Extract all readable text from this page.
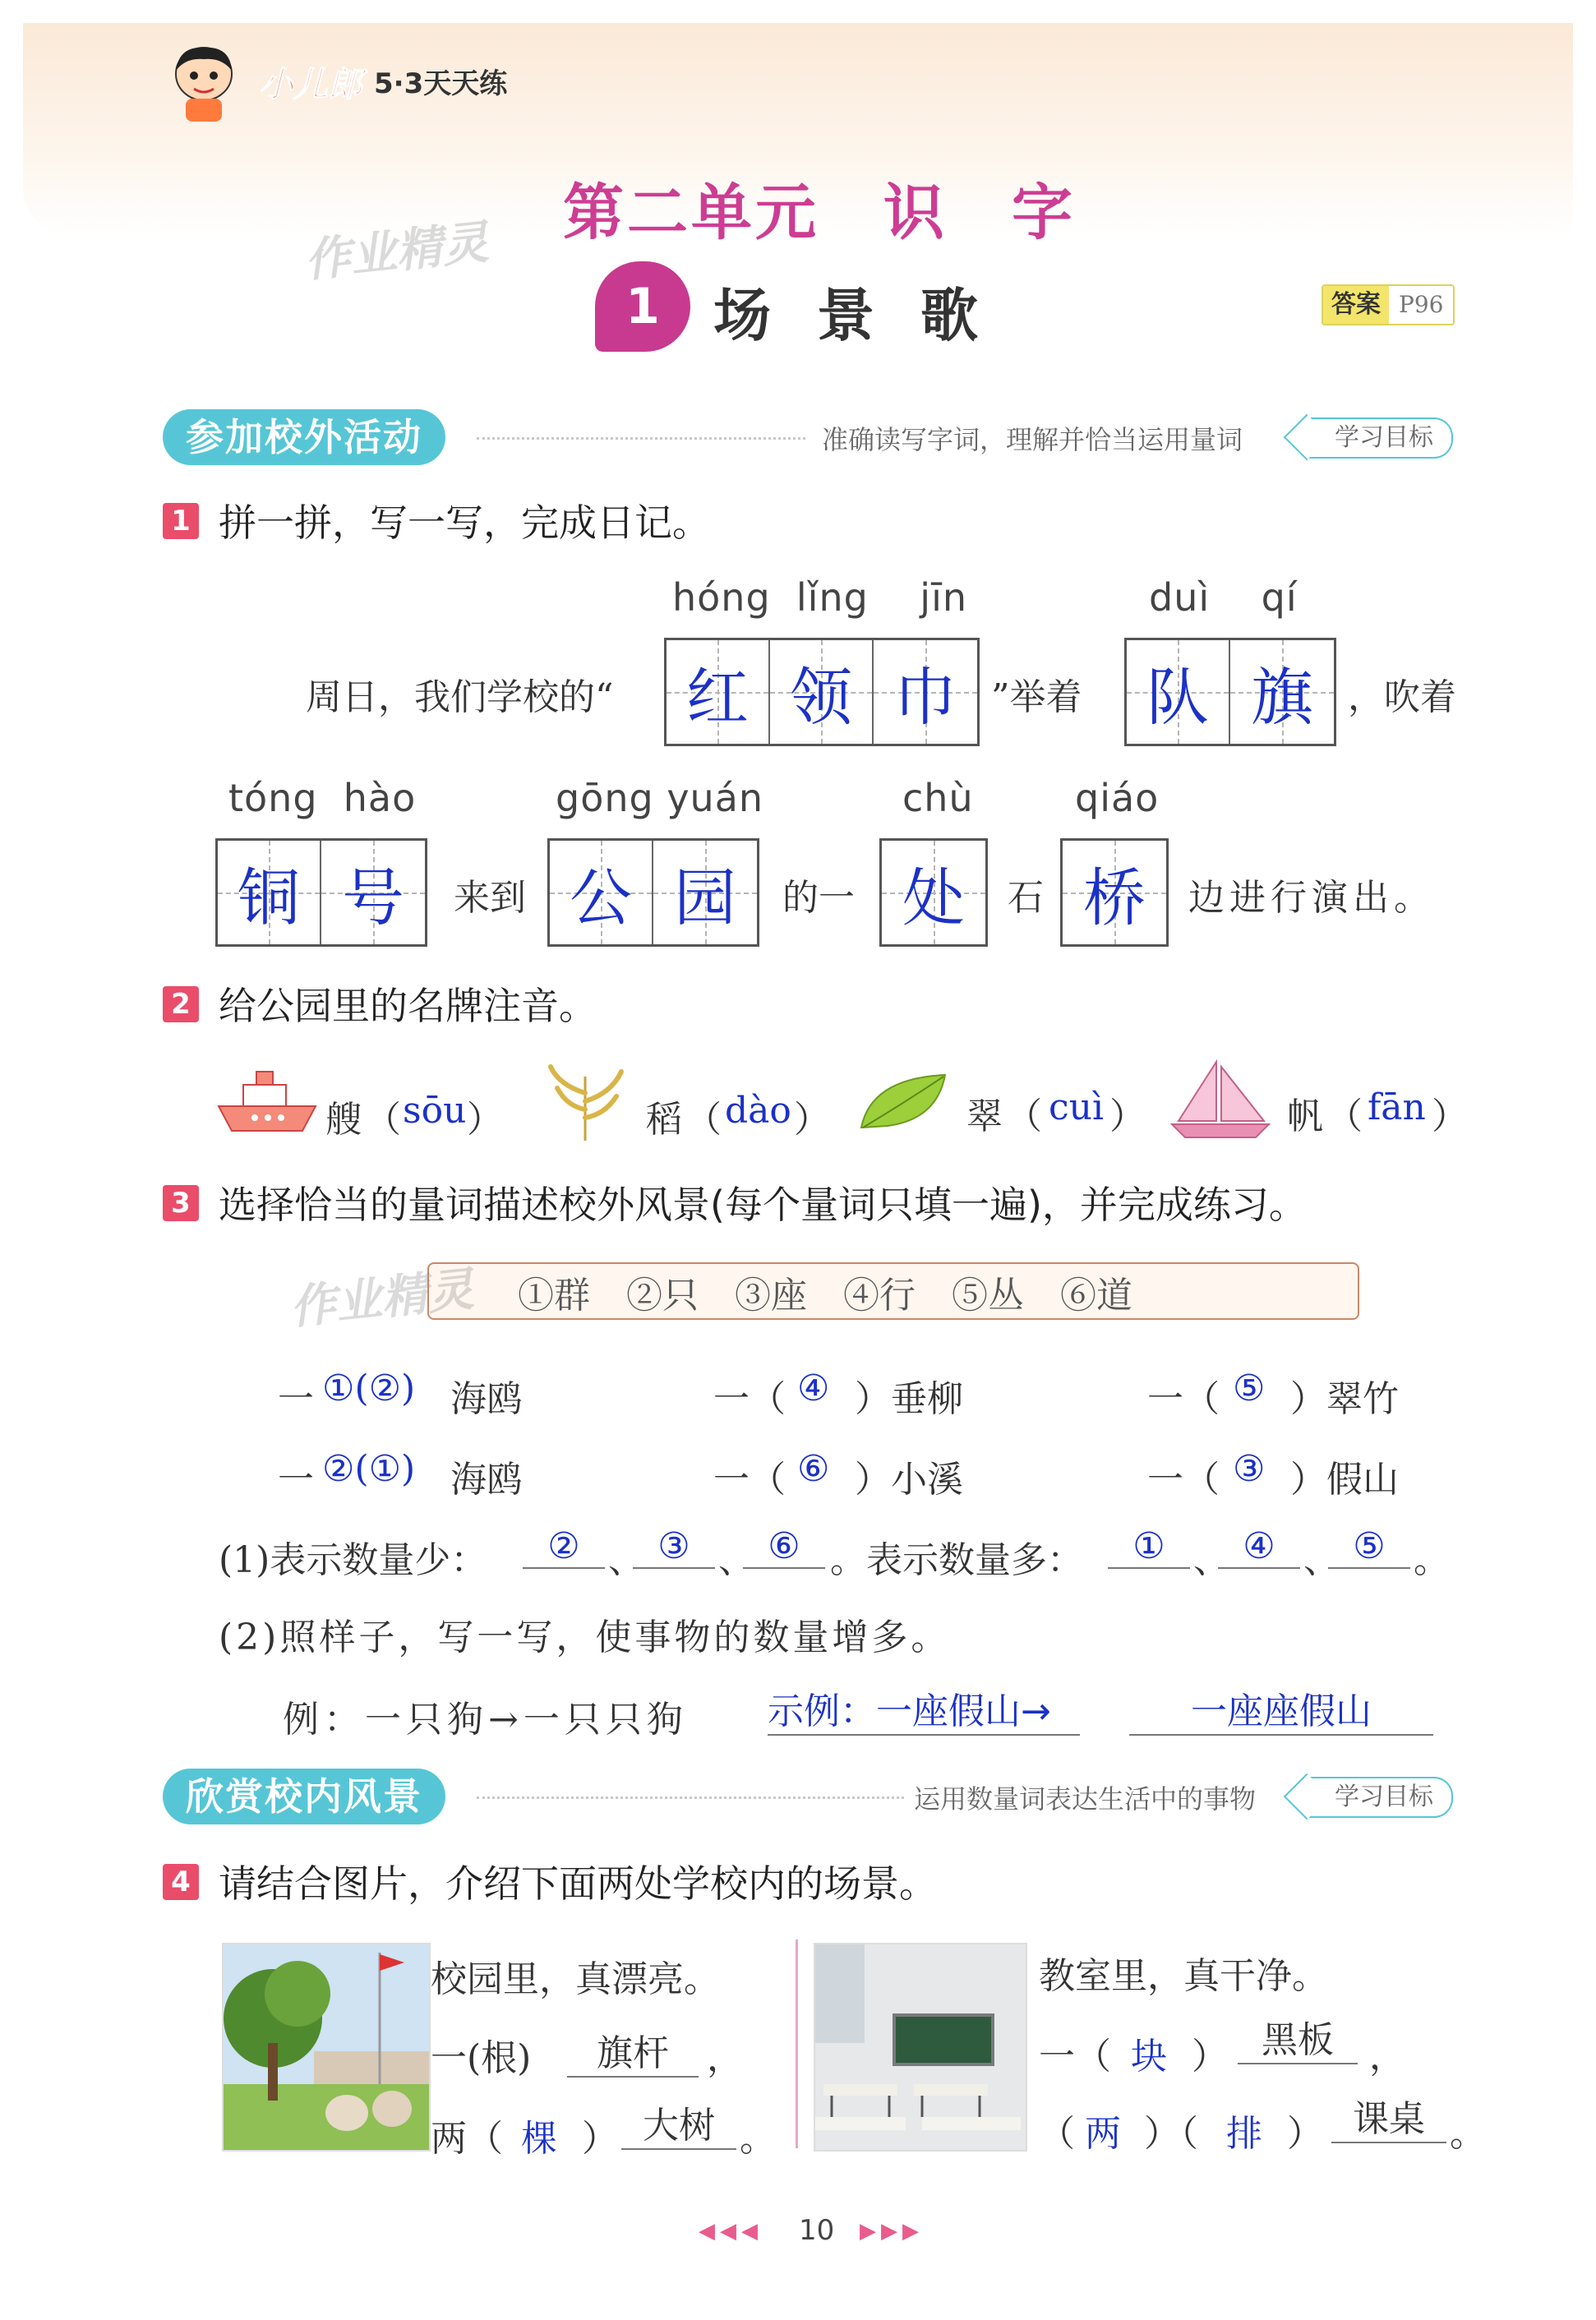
小儿郎 5·3天天练
第二单元　识　字
作业精灵
1 场景歌	答案 P96
参加校外活动	准确读写字词，理解并恰当运用量词	学习目标
1 拼一拼，写一写，完成日记。
hóng  lǐng    jīn	duì    qí
周日，我们学校的“ 红 领 巾 ”举着 队 旗 ，吹着
tóng  hào	gōng yuán	chù	qiáo
铜 号 来到 公 园 的一 处 石 桥 边进行演出。
2 给公园里的名牌注音。
艘 （ sōu ）	稻 （ dào ）	翠 （ cuì ）	帆 （ fān ）
3 选择恰当的量词描述校外风景(每个量词只填一遍)，并完成练习。
作业精灵 ①群　②只　③座　④行　⑤丛　⑥道
一 ①(②) 海鸥	一（ ④ ）垂柳	一（ ⑤ ）翠竹
一 ②(①) 海鸥	一（ ⑥ ）小溪	一（ ③ ）假山
(1)表示数量少：	② 、 ③ 、 ⑥ 。表示数量多：	① 、 ④ 、 ⑤ 。
(2)照样子，写一写，使事物的数量增多。
例：一只狗→一只只狗 示例：一座假山→	一座座假山
欣赏校内风景	运用数量词表达生活中的事物	学习目标
4 请结合图片，介绍下面两处学校内的场景。
校园里，真漂亮。
一(根)	旗杆	，
两（ 棵 ） 大树 。
教室里，真干净。
一（ 块 ） 黑板 ，
（ 两 ）（ 排 ） 课桌 。
◀◀◀ 10 ▶▶▶
